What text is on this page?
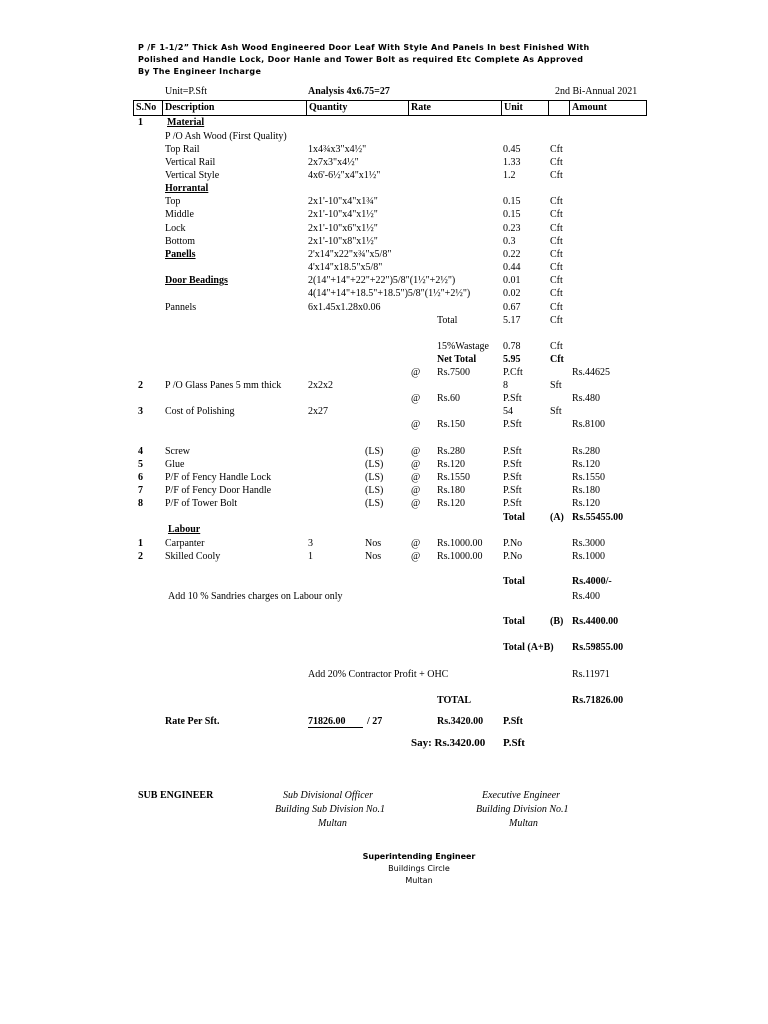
P /F 1-1/2” Thick Ash Wood Engineered Door Leaf With Style And Panels In best Finished With
Polished and Handle Lock, Door Hanle and Tower Bolt as required Etc Complete As Approved
By The Engineer Incharge
Unit=P.Sft	Analysis 4x6.75=27	2nd Bi-Annual 2021
S.No Description	Quantity	Rate	Unit	Amount
1 Material
P /O Ash Wood (First Quality)
Top Rail	1x4¾x3"x4½"	0.45	Cft
Vertical Rail	2x7x3"x4½"	1.33	Cft
Vertical Style	4x6'-6½"x4"x1½"	1.2	Cft
Horrantal
Top	2x1'-10"x4"x1¾"	0.15	Cft
Middle	2x1'-10"x4"x1½"	0.15	Cft
Lock	2x1'-10"x6"x1½"	0.23	Cft
Bottom	2x1'-10"x8"x1½"	0.3	Cft
Panells	2'x14"x22"x¾"x5/8"	0.22	Cft
4'x14"x18.5"x5/8"	0.44	Cft
Door Beadings	2(14"+14"+22"+22")5/8"(1½"+2½")	0.01	Cft
4(14"+14"+18.5"+18.5")5/8"(1½"+2½")	0.02	Cft
Pannels	6x1.45x1.28x0.06	0.67	Cft
Total	5.17	Cft
15%Wastage 0.78	Cft
Net Total	5.95	Cft
@ Rs.7500	P.Cft	Rs.44625
2 P /O Glass Panes 5 mm thick	2x2x2	8	Sft
@ Rs.60	P.Sft	Rs.480
3 Cost of Polishing	2x27	54	Sft
@ Rs.150	P.Sft	Rs.8100
4 Screw	(LS)	@ Rs.280	P.Sft	Rs.280
5 Glue	(LS)	@ Rs.120	P.Sft	Rs.120
6 P/F of Fency Handle Lock	(LS)	@ Rs.1550	P.Sft	Rs.1550
7 P/F of Fency Door Handle	(LS)	@ Rs.180	P.Sft	Rs.180
8 P/F of Tower Bolt	(LS)	@ Rs.120	P.Sft	Rs.120
Total	(A) Rs.55455.00
Labour
1 Carpanter	3	Nos	@ Rs.1000.00 P.No	Rs.3000
2 Skilled Cooly	1	Nos	@ Rs.1000.00 P.No	Rs.1000
Total	Rs.4000/-
Add 10 % Sandries charges on Labour only	Rs.400
Total	(B) Rs.4400.00
Total (A+B) Rs.59855.00
Add 20% Contractor Profit + OHC	Rs.11971
TOTAL	Rs.71826.00
Rate Per Sft.	71826.00	/ 27	Rs.3420.00 P.Sft
Say: Rs.3420.00 P.Sft
SUB ENGINEER	Sub Divisional Officer	Executive Engineer
Building Sub Division No.1	Building Division No.1
Multan	Multan
Superintending Engineer
Buildings Circle
Multan
